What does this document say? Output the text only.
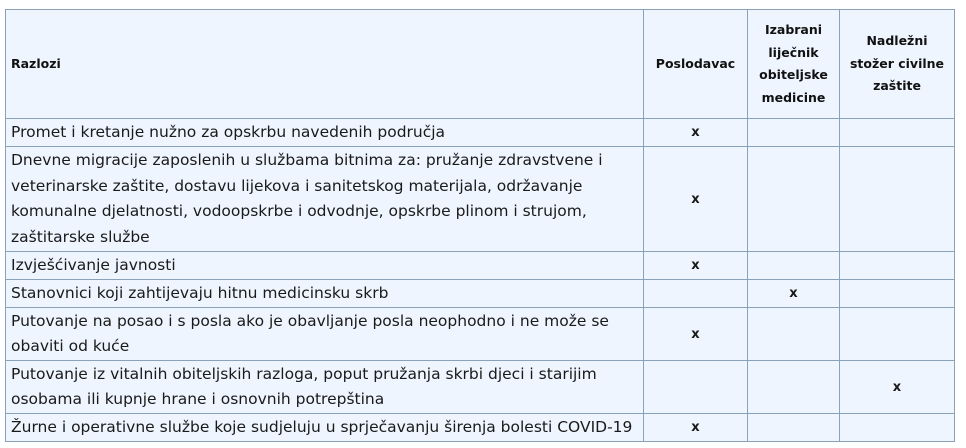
Razlozi	Poslodavac	Izabrani liječnik obiteljske medicine	Nadležni stožer civilne zaštite
Promet i kretanje nužno za opskrbu navedenih područja	x		
Dnevne migracije zaposlenih u službama bitnima za: pružanje zdravstvene i veterinarske zaštite, dostavu lijekova i sanitetskog materijala, održavanje komunalne djelatnosti, vodoopskrbe i odvodnje, opskrbe plinom i strujom, zaštitarske službe	x		
Izvješćivanje javnosti	x		
Stanovnici koji zahtijevaju hitnu medicinsku skrb		x	
Putovanje na posao i s posla ako je obavljanje posla neophodno i ne može se obaviti od kuće	x		
Putovanje iz vitalnih obiteljskih razloga, poput pružanja skrbi djeci i starijim osobama ili kupnje hrane i osnovnih potrepština			x
Žurne i operativne službe koje sudjeluju u sprječavanju širenja bolesti COVID-19	x		
